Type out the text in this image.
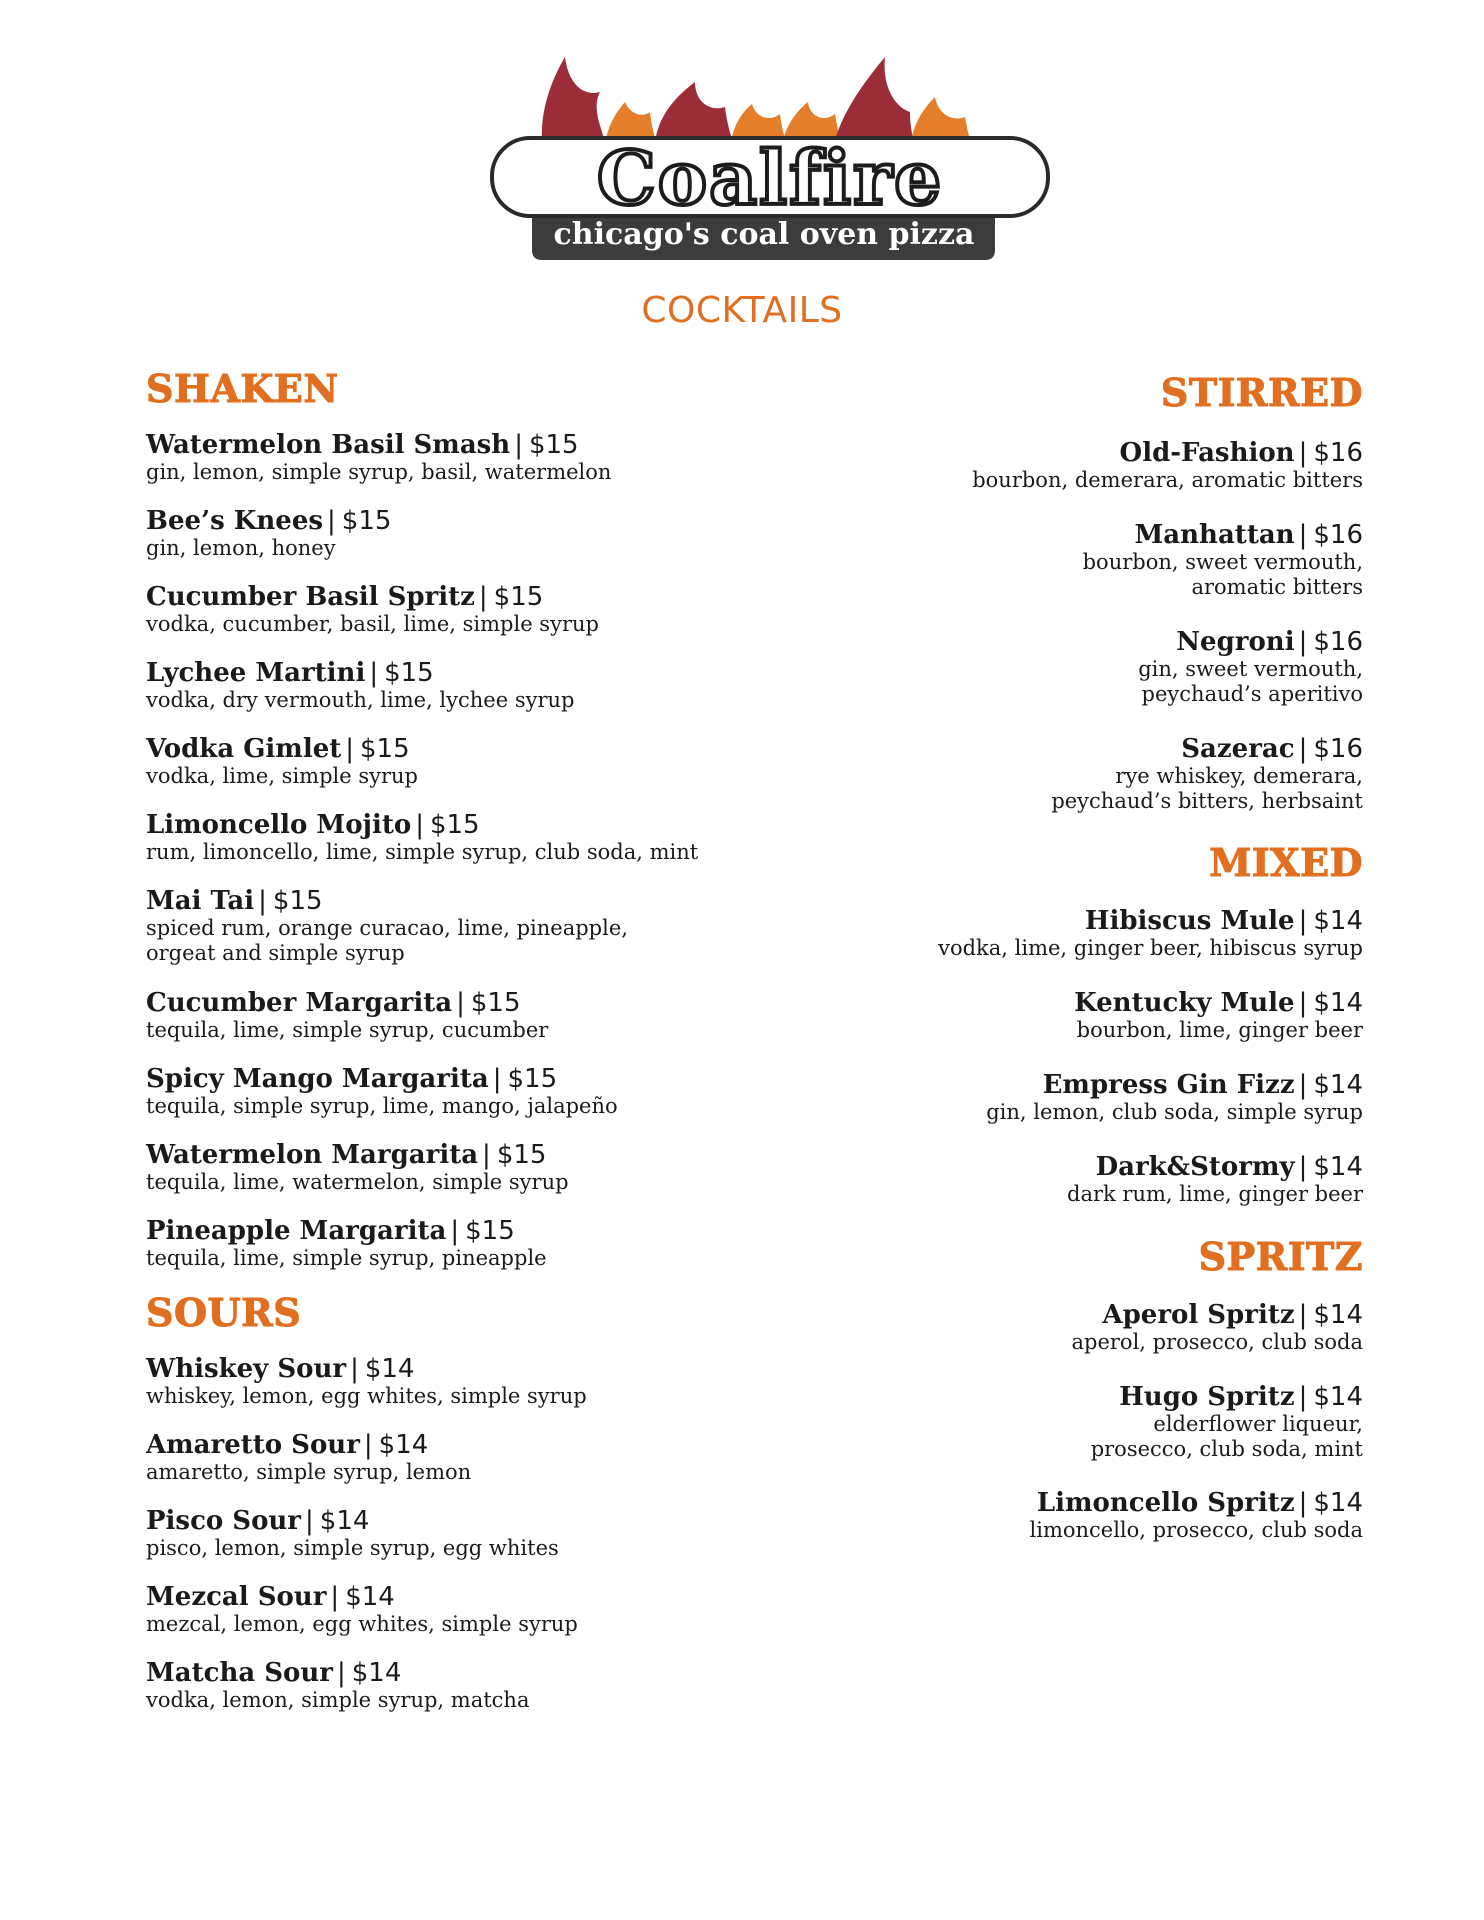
Coalfire
chicago's coal oven pizza
COCKTAILS
SHAKEN
Watermelon Basil Smash | $15
gin, lemon, simple syrup, basil, watermelon
Bee’s Knees | $15
gin, lemon, honey
Cucumber Basil Spritz | $15
vodka, cucumber, basil, lime, simple syrup
Lychee Martini | $15
vodka, dry vermouth, lime, lychee syrup
Vodka Gimlet | $15
vodka, lime, simple syrup
Limoncello Mojito | $15
rum, limoncello, lime, simple syrup, club soda, mint
Mai Tai | $15
spiced rum, orange curacao, lime, pineapple,
orgeat and simple syrup
Cucumber Margarita | $15
tequila, lime, simple syrup, cucumber
Spicy Mango Margarita | $15
tequila, simple syrup, lime, mango, jalapeño
Watermelon Margarita | $15
tequila, lime, watermelon, simple syrup
Pineapple Margarita | $15
tequila, lime, simple syrup, pineapple
SOURS
Whiskey Sour | $14
whiskey, lemon, egg whites, simple syrup
Amaretto Sour | $14
amaretto, simple syrup, lemon
Pisco Sour | $14
pisco, lemon, simple syrup, egg whites
Mezcal Sour | $14
mezcal, lemon, egg whites, simple syrup
Matcha Sour | $14
vodka, lemon, simple syrup, matcha
STIRRED
Old-Fashion | $16
bourbon, demerara, aromatic bitters
Manhattan | $16
bourbon, sweet vermouth,
aromatic bitters
Negroni | $16
gin, sweet vermouth,
peychaud’s aperitivo
Sazerac | $16
rye whiskey, demerara,
peychaud’s bitters, herbsaint
MIXED
Hibiscus Mule | $14
vodka, lime, ginger beer, hibiscus syrup
Kentucky Mule | $14
bourbon, lime, ginger beer
Empress Gin Fizz | $14
gin, lemon, club soda, simple syrup
Dark&Stormy | $14
dark rum, lime, ginger beer
SPRITZ
Aperol Spritz | $14
aperol, prosecco, club soda
Hugo Spritz | $14
elderflower liqueur,
prosecco, club soda, mint
Limoncello Spritz | $14
limoncello, prosecco, club soda
